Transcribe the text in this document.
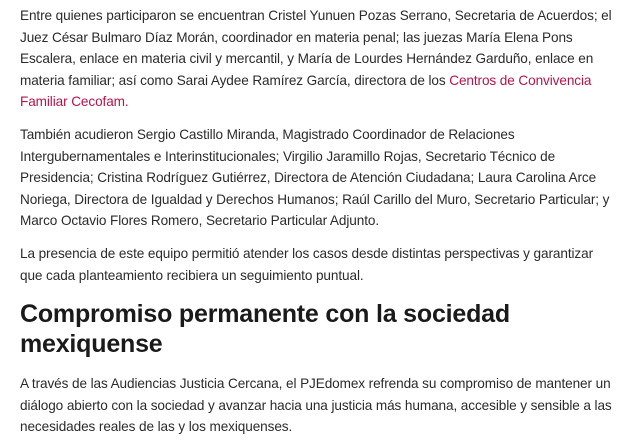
Entre quienes participaron se encuentran Cristel Yunuen Pozas Serrano, Secretaria de Acuerdos; el Juez César Bulmaro Díaz Morán, coordinador en materia penal; las juezas María Elena Pons Escalera, enlace en materia civil y mercantil, y María de Lourdes Hernández Garduño, enlace en materia familiar; así como Sarai Aydee Ramírez García, directora de los Centros de Convivencia Familiar Cecofam.

También acudieron Sergio Castillo Miranda, Magistrado Coordinador de Relaciones Intergubernamentales e Interinstitucionales; Virgilio Jaramillo Rojas, Secretario Técnico de Presidencia; Cristina Rodríguez Gutiérrez, Directora de Atención Ciudadana; Laura Carolina Arce Noriega, Directora de Igualdad y Derechos Humanos; Raúl Carillo del Muro, Secretario Particular; y Marco Octavio Flores Romero, Secretario Particular Adjunto.

La presencia de este equipo permitió atender los casos desde distintas perspectivas y garantizar que cada planteamiento recibiera un seguimiento puntual.

Compromiso permanente con la sociedad mexiquense

A través de las Audiencias Justicia Cercana, el PJEdomex refrenda su compromiso de mantener un diálogo abierto con la sociedad y avanzar hacia una justicia más humana, accesible y sensible a las necesidades reales de las y los mexiquenses.
